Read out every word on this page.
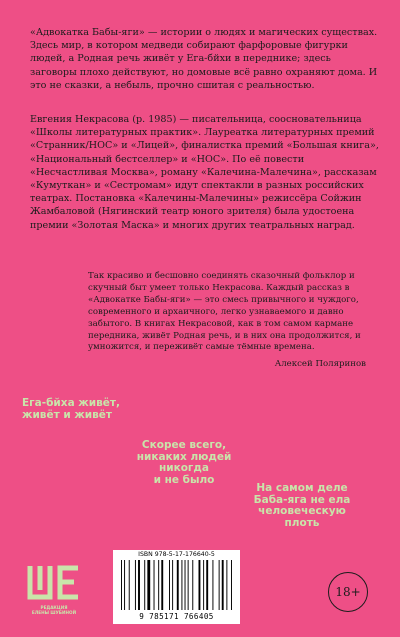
«Адвокатка Бабы-яги» — истории о людях и магических существах. Здесь мир, в котором медведи собирают фарфоровые фигурки людей, а Родная речь живёт у Ега-бйхи в переднике; здесь заговоры плохо действуют, но домовые всё равно охраняют дома. И это не сказки, а небыль, прочно сшитая с реальностью.

Евгения Некрасова (р. 1985) — писательница, соосновательница «Школы литературных практик». Лауреатка литературных премий «Странник/НОС» и «Лицей», финалистка премий «Большая книга», «Национальный бестселлер» и «НОС». По её повести «Несчастливая Москва», роману «Калечина-Малечина», рассказам «Кумуткан» и «Сестромам» идут спектакли в разных российских театрах. Постановка «Калечины-Малечины» режиссёра Сойжин Жамбаловой (Нягинский театр юного зрителя) была удостоена премии «Золотая Маска» и многих других театральных наград.

Так красиво и бесшовно соединять сказочный фольклор и скучный быт умеет только Некрасова. Каждый рассказ в «Адвокатке Бабы-яги» — это смесь привычного и чуждого, современного и архаичного, легко узнаваемого и давно забытого. В книгах Некрасовой, как в том самом кармане передника, живёт Родная речь, и в них она продолжится, и умножится, и переживёт самые тёмные времена.

Алексей Поляринов

Ега-бйха живёт,
живёт и живёт

Скорее всего,
никаких людей
никогда
и не было

На самом деле
Баба-яга не ела
человеческую
плоть

РЕДАКЦИЯ
ЕЛЕНЫ ШУБИНОЙ

ISBN 978-5-17-176640-5
9 785171 766405
18+
